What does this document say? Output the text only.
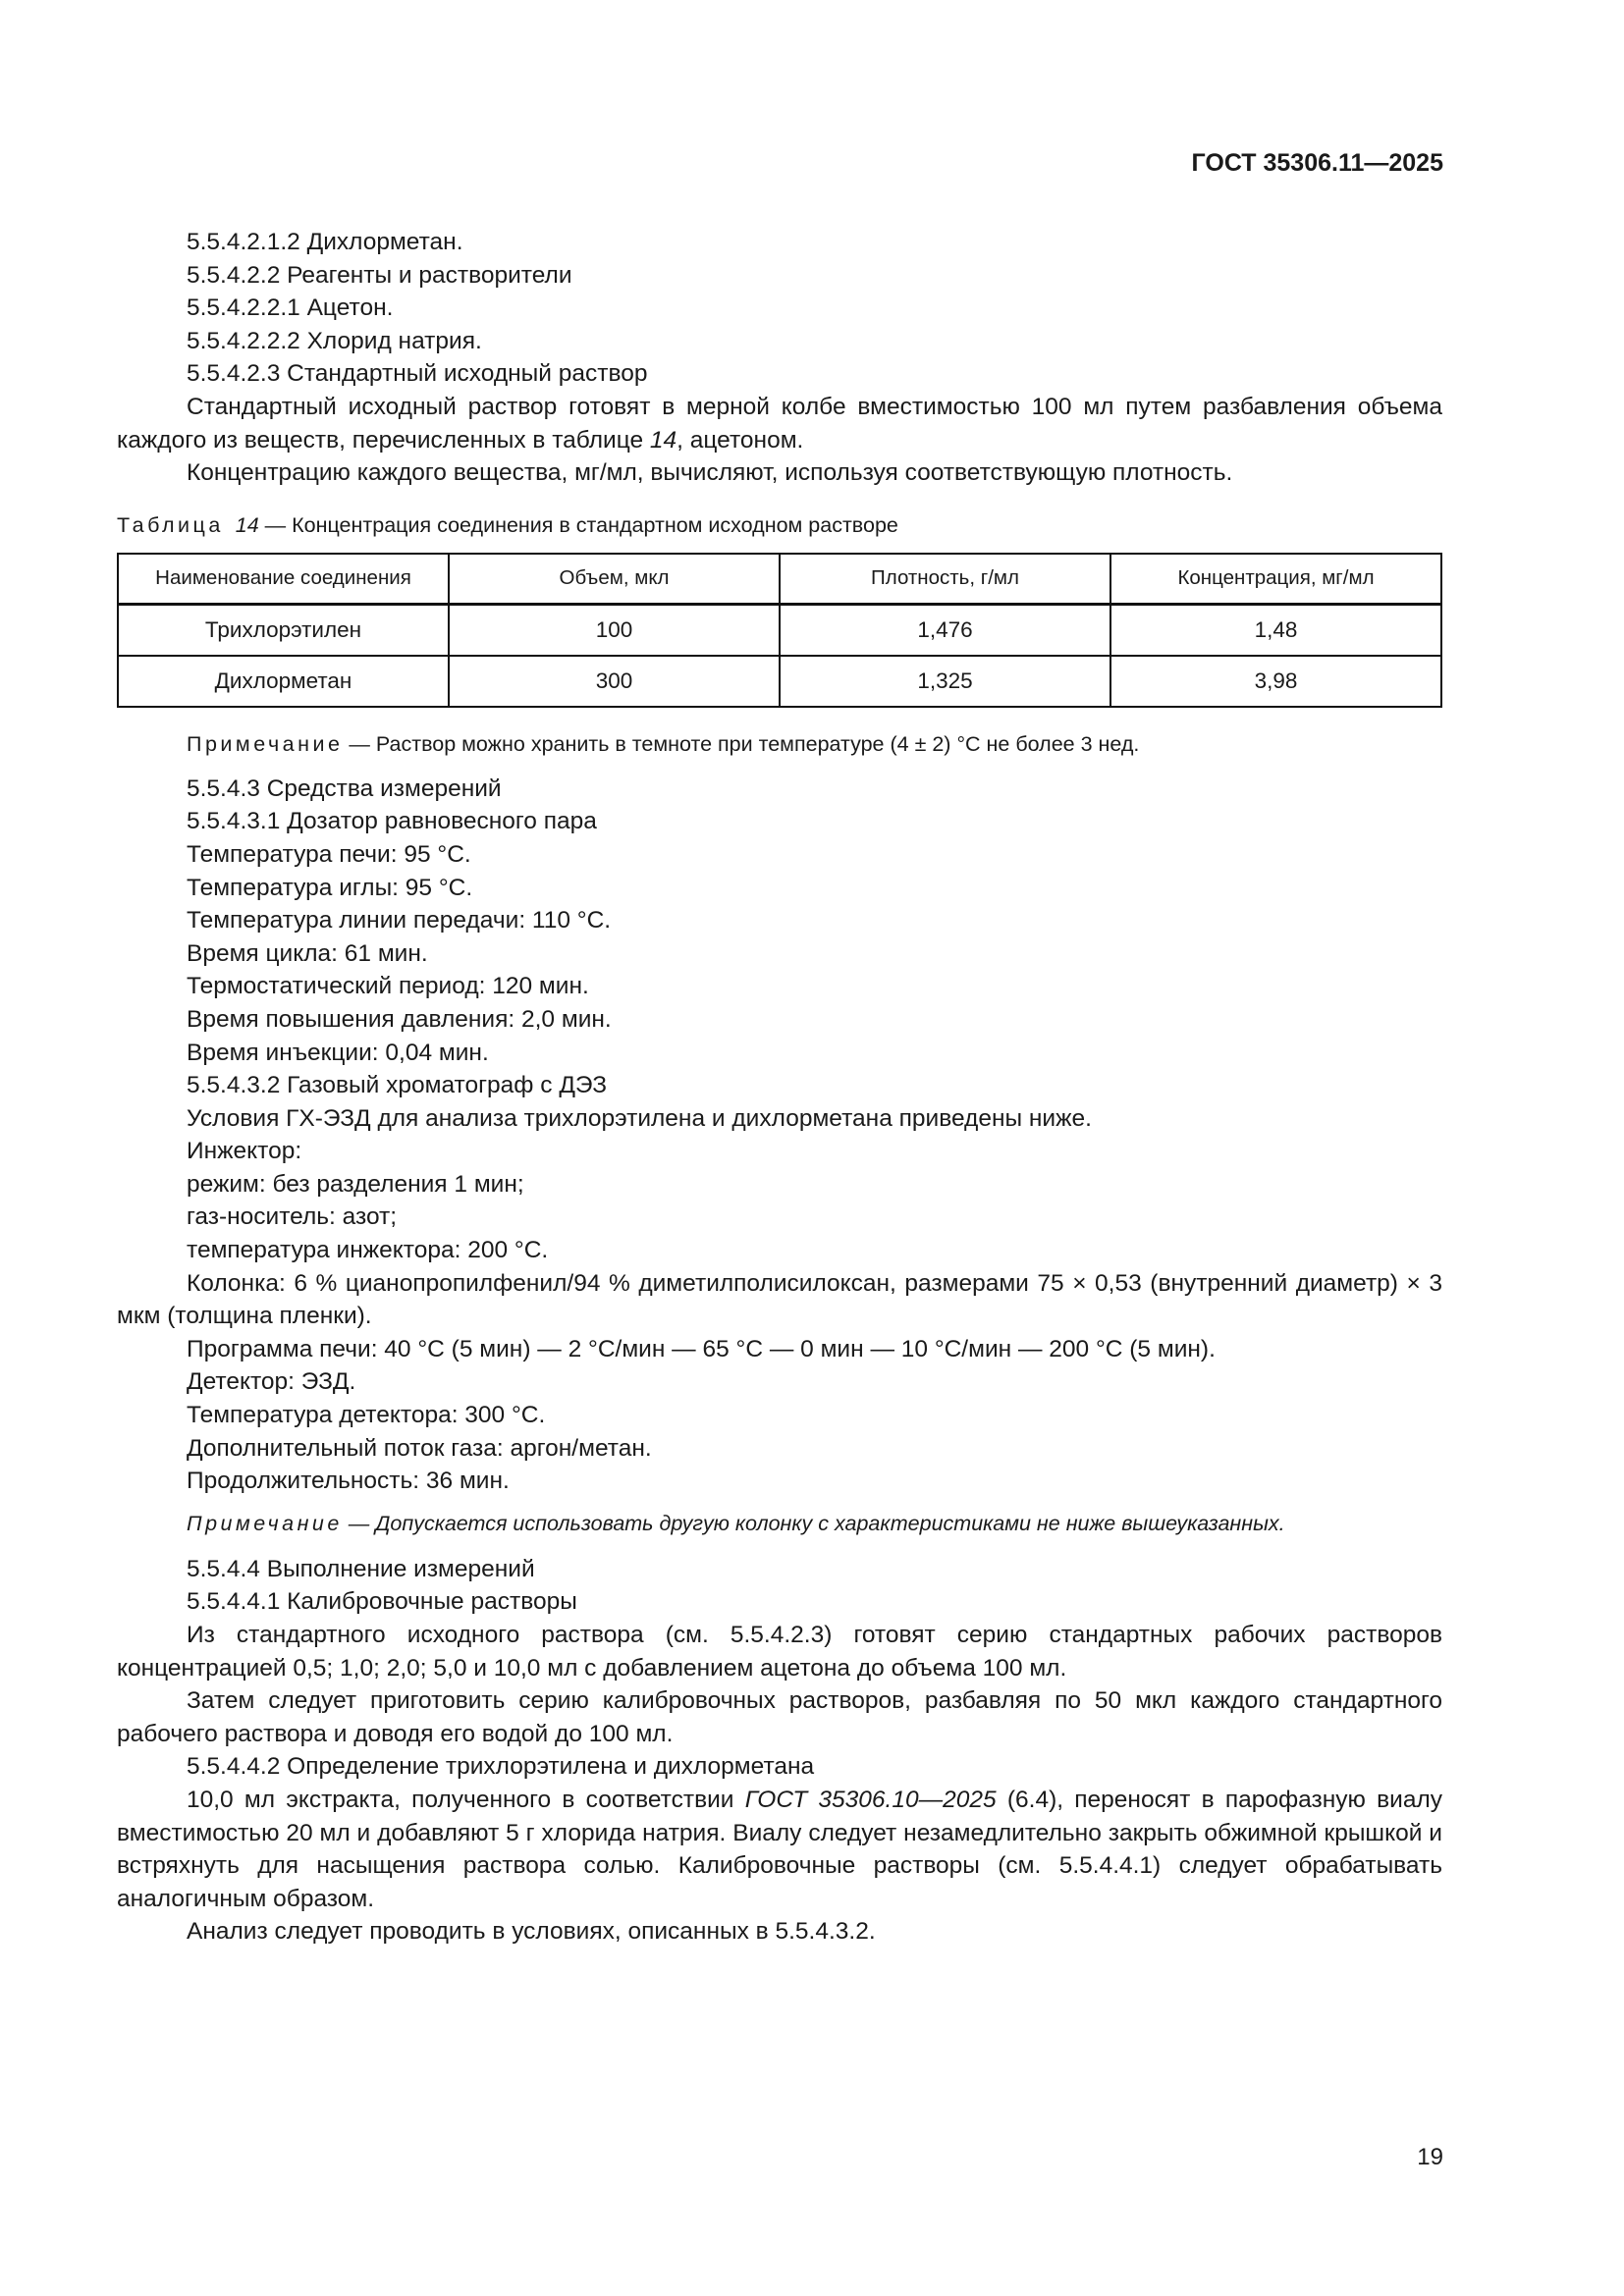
ГОСТ 35306.11—2025

5.5.4.2.1.2 Дихлорметан.

5.5.4.2.2 Реагенты и растворители

5.5.4.2.2.1 Ацетон.

5.5.4.2.2.2 Хлорид натрия.

5.5.4.2.3 Стандартный исходный раствор

Стандартный исходный раствор готовят в мерной колбе вместимостью 100 мл путем разбавления объема каждого из веществ, перечисленных в таблице 14, ацетоном.

Концентрацию каждого вещества, мг/мл, вычисляют, используя соответствующую плотность.

Таблица 14 — Концентрация соединения в стандартном исходном растворе
Наименование соединения	Объем, мкл	Плотность, г/мл	Концентрация, мг/мл
Трихлорэтилен	100	1,476	1,48
Дихлорметан	300	1,325	3,98

Примечание — Раствор можно хранить в темноте при температуре (4 ± 2) °С не более 3 нед.

5.5.4.3 Средства измерений

5.5.4.3.1 Дозатор равновесного пара

Температура печи: 95 °С.

Температура иглы: 95 °С.

Температура линии передачи: 110 °С.

Время цикла: 61 мин.

Термостатический период: 120 мин.

Время повышения давления: 2,0 мин.

Время инъекции: 0,04 мин.

5.5.4.3.2 Газовый хроматограф с ДЭЗ

Условия ГХ-ЭЗД для анализа трихлорэтилена и дихлорметана приведены ниже.

Инжектор:

режим: без разделения 1 мин;

газ-носитель: азот;

температура инжектора: 200 °С.

Колонка: 6 % цианопропилфенил/94 % диметилполисилоксан, размерами 75 × 0,53 (внутренний диаметр) × 3 мкм (толщина пленки).

Программа печи: 40 °С (5 мин) — 2 °С/мин — 65 °С — 0 мин — 10 °С/мин — 200 °С (5 мин).

Детектор: ЭЗД.

Температура детектора: 300 °С.

Дополнительный поток газа: аргон/метан.

Продолжительность: 36 мин.

Примечание — Допускается использовать другую колонку с характеристиками не ниже вышеуказанных.

5.5.4.4 Выполнение измерений

5.5.4.4.1 Калибровочные растворы

Из стандартного исходного раствора (см. 5.5.4.2.3) готовят серию стандартных рабочих растворов концентрацией 0,5; 1,0; 2,0; 5,0 и 10,0 мл с добавлением ацетона до объема 100 мл.

Затем следует приготовить серию калибровочных растворов, разбавляя по 50 мкл каждого стандартного рабочего раствора и доводя его водой до 100 мл.

5.5.4.4.2 Определение трихлорэтилена и дихлорметана

10,0 мл экстракта, полученного в соответствии ГОСТ 35306.10—2025 (6.4), переносят в парофазную виалу вместимостью 20 мл и добавляют 5 г хлорида натрия. Виалу следует незамедлительно закрыть обжимной крышкой и встряхнуть для насыщения раствора солью. Калибровочные растворы (см. 5.5.4.4.1) следует обрабатывать аналогичным образом.

Анализ следует проводить в условиях, описанных в 5.5.4.3.2.

19
